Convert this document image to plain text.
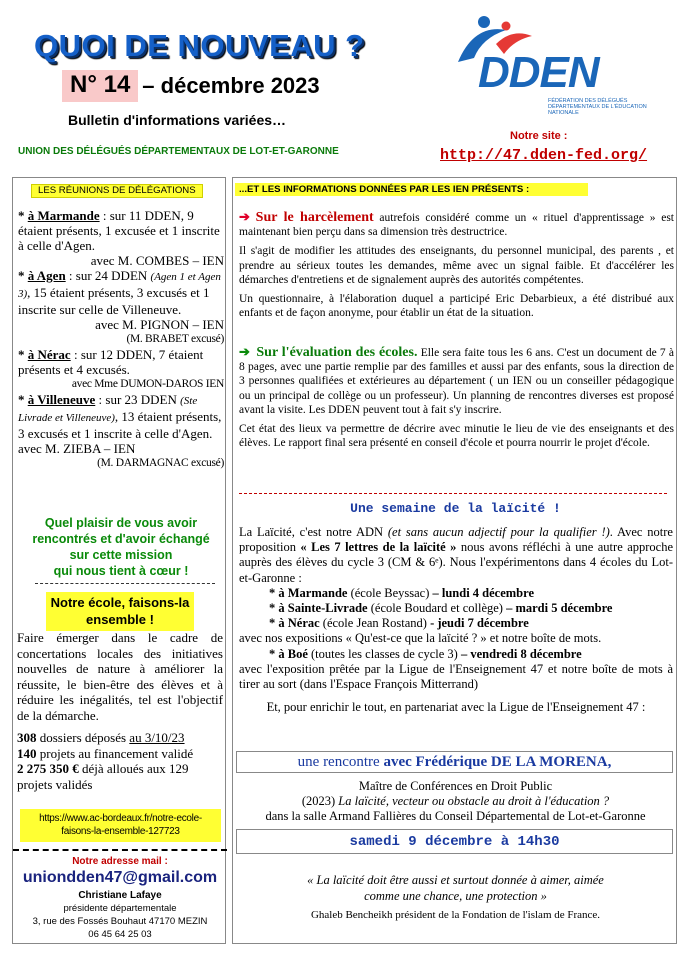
QUOI DE NOUVEAU ?
N° 14 – décembre 2023
Bulletin d'informations variées…
UNION DES DÉLÉGUÉS DÉPARTEMENTAUX DE LOT-ET-GARONNE
DDEN
FÉDÉRATION DES DÉLÉGUÉS DÉPARTEMENTAUX DE L'ÉDUCATION NATIONALE
Notre site :
http://47.dden-fed.org/
LES RÉUNIONS DE DÉLÉGATIONS

* à Marmande : sur 11 DDEN, 9 étaient présents, 1 excusée et 1 inscrite à celle d'Agen.

avec M. COMBES – IEN

* à Agen : sur 24 DDEN (Agen 1 et Agen 3), 15 étaient présents, 3 excusés et 1 inscrite sur celle de Villeneuve.

avec M. PIGNON – IEN

(M. BRABET excusé)

* à Nérac : sur 12 DDEN, 7 étaient présents et 4 excusés.

avec Mme DUMON-DAROS IEN

* à Villeneuve : sur 23 DDEN (Ste Livrade et Villeneuve), 13 étaient présents, 3 excusés et 1 inscrite à celle d'Agen. avec M. ZIEBA – IEN

(M. DARMAGNAC excusé)

Quel plaisir de vous avoir
rencontrés et d'avoir échangé
sur cette mission
qui nous tient à cœur !
Notre école, faisons-la ensemble !
Faire émerger dans le cadre de concertations locales des initiatives nouvelles de nature à améliorer la réussite, le bien-être des élèves et à réduire les inégalités, tel est l'objectif de la démarche.
308 dossiers déposés au 3/10/23
140 projets au financement validé
2 275 350 € déjà alloués aux 129 projets validés
https://www.ac-bordeaux.fr/notre-ecole-faisons-la-ensemble-127723
Notre adresse mail :
uniondden47@gmail.com
Christiane Lafaye
présidente départementale
3, rue des Fossés Bouhaut 47170 MEZIN
06 45 64 25 03
...ET LES INFORMATIONS DONNÉES PAR LES IEN PRÉSENTS :

➔ Sur le harcèlement autrefois considéré comme un « rituel d'apprentissage » est maintenant bien perçu dans sa dimension très destructrice.

Il s'agit de modifier les attitudes des enseignants, du personnel municipal, des parents , et prendre au sérieux toutes les demandes, même avec un signal faible. Et d'accélérer les démarches d'entretiens et de signalement auprès des autorités compétentes.

Un questionnaire, à l'élaboration duquel a participé Eric Debarbieux, a été distribué aux enfants et de façon anonyme, pour établir un état de la situation.

➔ Sur l'évaluation des écoles. Elle sera faite tous les 6 ans. C'est un document de 7 à 8 pages, avec une partie remplie par des familles et aussi par des enfants, sous la direction de 3 personnes qualifiées et extérieures au département ( un IEN ou un conseiller pédagogique ou un principal de collège ou un professeur). Un planning de rencontres diverses est proposé avant la visite. Les DDEN peuvent tout à fait s'y inscrire.

Cet état des lieux va permettre de décrire avec minutie le lieu de vie des enseignants et des élèves. Le rapport final sera présenté en conseil d'école et pourra nourrir le projet d'école.

Une semaine de la laïcité !
La Laïcité, c'est notre ADN (et sans aucun adjectif pour la qualifier !). Avec notre proposition « Les 7 lettres de la laïcité » nous avons réfléchi à une autre approche auprès des élèves du cycle 3 (CM & 6ᵉ). Nous l'expérimentons dans 4 écoles du Lot-et-Garonne :
* à Marmande (école Beyssac) – lundi 4 décembre
* à Sainte-Livrade (école Boudard et collège) – mardi 5 décembre
* à Nérac (école Jean Rostand) - jeudi 7 décembre
avec nos expositions « Qu'est-ce que la laïcité ? » et notre boîte de mots.
* à Boé (toutes les classes de cycle 3) – vendredi 8 décembre
avec l'exposition prêtée par la Ligue de l'Enseignement 47 et notre boîte de mots à tirer au sort (dans l'Espace François Mitterrand)
Et, pour enrichir le tout, en partenariat avec la Ligue de l'Enseignement 47 :
une rencontre avec Frédérique DE LA MORENA,
Maître de Conférences en Droit Public
(2023) La laïcité, vecteur ou obstacle au droit à l'éducation ?
dans la salle Armand Fallières du Conseil Départemental de Lot-et-Garonne
samedi 9 décembre à 14h30
« La laïcité doit être aussi et surtout donnée à aimer, aimée
comme une chance, une protection »
Ghaleb Bencheikh président de la Fondation de l'islam de France.
